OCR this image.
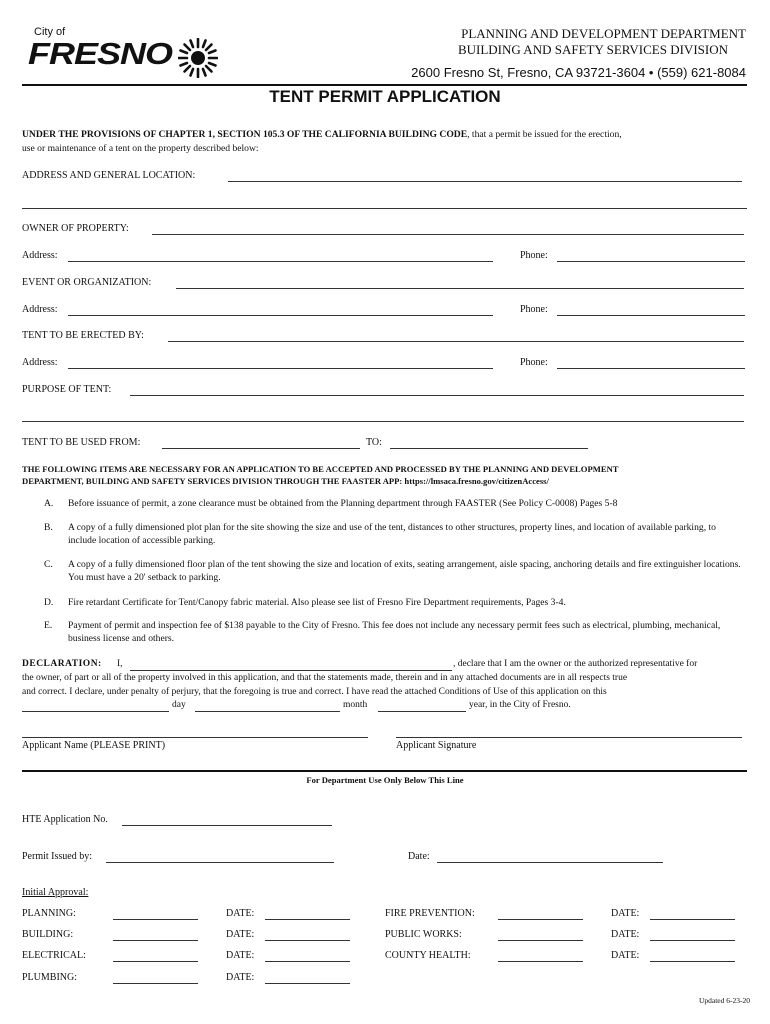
City of
FRESNO
PLANNING AND DEVELOPMENT DEPARTMENT
BUILDING AND SAFETY SERVICES DIVISION
2600 Fresno St, Fresno, CA 93721-3604 • (559) 621-8084
TENT PERMIT APPLICATION
UNDER THE PROVISIONS OF CHAPTER 1, SECTION 105.3 OF THE CALIFORNIA BUILDING CODE, that a permit be issued for the erection,
use or maintenance of a tent on the property described below:
ADDRESS AND GENERAL LOCATION:
OWNER OF PROPERTY:
Address:	Phone:
EVENT OR ORGANIZATION:
Address:	Phone:
TENT TO BE ERECTED BY:
Address:	Phone:
PURPOSE OF TENT:
TENT TO BE USED FROM:	TO:
THE FOLLOWING ITEMS ARE NECESSARY FOR AN APPLICATION TO BE ACCEPTED AND PROCESSED BY THE PLANNING AND DEVELOPMENT
DEPARTMENT, BUILDING AND SAFETY SERVICES DIVISION THROUGH THE FAASTER APP: https://lmsaca.fresno.gov/citizenAccess/
A. Before issuance of permit, a zone clearance must be obtained from the Planning department through FAASTER (See Policy C-0008) Pages 5-8
B. A copy of a fully dimensioned plot plan for the site showing the size and use of the tent, distances to other structures, property lines, and location of available parking, to include location of accessible parking.
C. A copy of a fully dimensioned floor plan of the tent showing the size and location of exits, seating arrangement, aisle spacing, anchoring details and fire extinguisher locations. You must have a 20' setback to parking.
D. Fire retardant Certificate for Tent/Canopy fabric material. Also please see list of Fresno Fire Department requirements, Pages 3-4.
E. Payment of permit and inspection fee of $138 payable to the City of Fresno. This fee does not include any necessary permit fees such as electrical, plumbing, mechanical, business license and others.
DECLARATION: I,	, declare that I am the owner or the authorized representative for
the owner, of part or all of the property involved in this application, and that the statements made, therein and in any attached documents are in all respects true
and correct. I declare, under penalty of perjury, that the foregoing is true and correct. I have read the attached Conditions of Use of this application on this
day	month	year, in the City of Fresno.
Applicant Name (PLEASE PRINT)	Applicant Signature
For Department Use Only Below This Line
HTE Application No.
Permit Issued by:	Date:
Initial Approval:
PLANNING:	DATE:	FIRE PREVENTION:	DATE:
BUILDING:	DATE:	PUBLIC WORKS:	DATE:
ELECTRICAL:	DATE:	COUNTY HEALTH:	DATE:
PLUMBING:	DATE:
Updated 6-23-20
